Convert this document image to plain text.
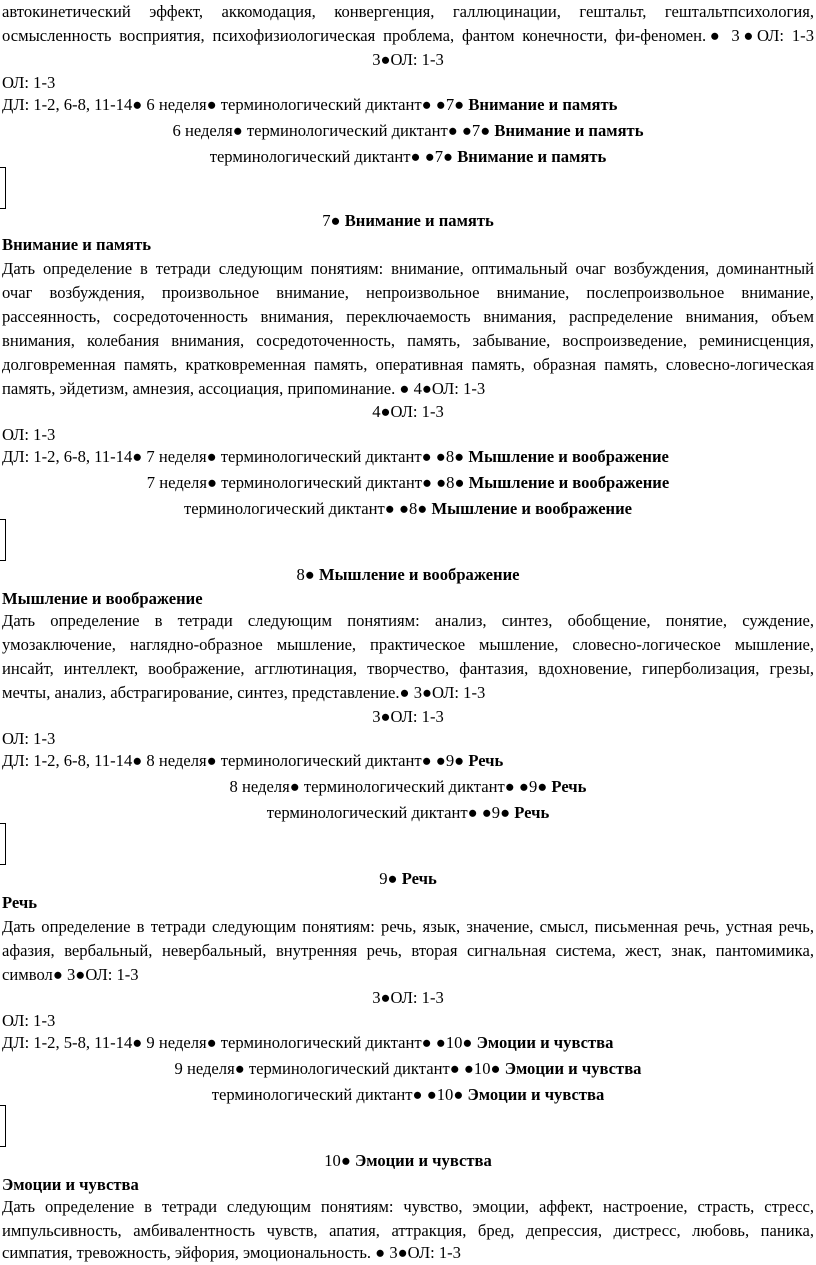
автокинетический эффект, аккомодация, конвергенция, галлюцинации, гештальт, гештальтпсихология,
осмысленность восприятия, психофизиологическая проблема, фантом конечности, фи-феномен.● 3●ОЛ: 1-3
3●ОЛ: 1-3
ОЛ: 1-3
ДЛ: 1-2, 6-8, 11-14● 6 неделя● терминологический диктант● ●7● Внимание и память
6 неделя● терминологический диктант● ●7● Внимание и память
терминологический диктант● ●7● Внимание и память
7● Внимание и память
Внимание и память
Дать определение в тетради следующим понятиям: внимание, оптимальный очаг возбуждения, доминантный
очаг возбуждения, произвольное внимание, непроизвольное внимание, послепроизвольное внимание,
рассеянность, сосредоточенность внимания, переключаемость внимания, распределение внимания, объем
внимания, колебания внимания, сосредоточенность, память, забывание, воспроизведение, реминисценция,
долговременная память, кратковременная память, оперативная память, образная память, словесно-логическая
память, эйдетизм, амнезия, ассоциация, припоминание. ● 4●ОЛ: 1-3
4●ОЛ: 1-3
ОЛ: 1-3
ДЛ: 1-2, 6-8, 11-14● 7 неделя● терминологический диктант● ●8● Мышление и воображение
7 неделя● терминологический диктант● ●8● Мышление и воображение
терминологический диктант● ●8● Мышление и воображение
8● Мышление и воображение
Мышление и воображение
Дать определение в тетради следующим понятиям: анализ, синтез, обобщение, понятие, суждение,
умозаключение, наглядно-образное мышление, практическое мышление, словесно-логическое мышление,
инсайт, интеллект, воображение, агглютинация, творчество, фантазия, вдохновение, гиперболизация, грезы,
мечты, анализ, абстрагирование, синтез, представление.● 3●ОЛ: 1-3
3●ОЛ: 1-3
ОЛ: 1-3
ДЛ: 1-2, 6-8, 11-14● 8 неделя● терминологический диктант● ●9● Речь
8 неделя● терминологический диктант● ●9● Речь
терминологический диктант● ●9● Речь
9● Речь
Речь
Дать определение в тетради следующим понятиям: речь, язык, значение, смысл, письменная речь, устная речь,
афазия, вербальный, невербальный, внутренняя речь, вторая сигнальная система, жест, знак, пантомимика,
символ● 3●ОЛ: 1-3
3●ОЛ: 1-3
ОЛ: 1-3
ДЛ: 1-2, 5-8, 11-14● 9 неделя● терминологический диктант● ●10● Эмоции и чувства
9 неделя● терминологический диктант● ●10● Эмоции и чувства
терминологический диктант● ●10● Эмоции и чувства
10● Эмоции и чувства
Эмоции и чувства
Дать определение в тетради следующим понятиям: чувство, эмоции, аффект, настроение, страсть, стресс,
импульсивность, амбивалентность чувств, апатия, аттракция, бред, депрессия, дистресс, любовь, паника,
симпатия, тревожность, эйфория, эмоциональность. ● 3●ОЛ: 1-3
